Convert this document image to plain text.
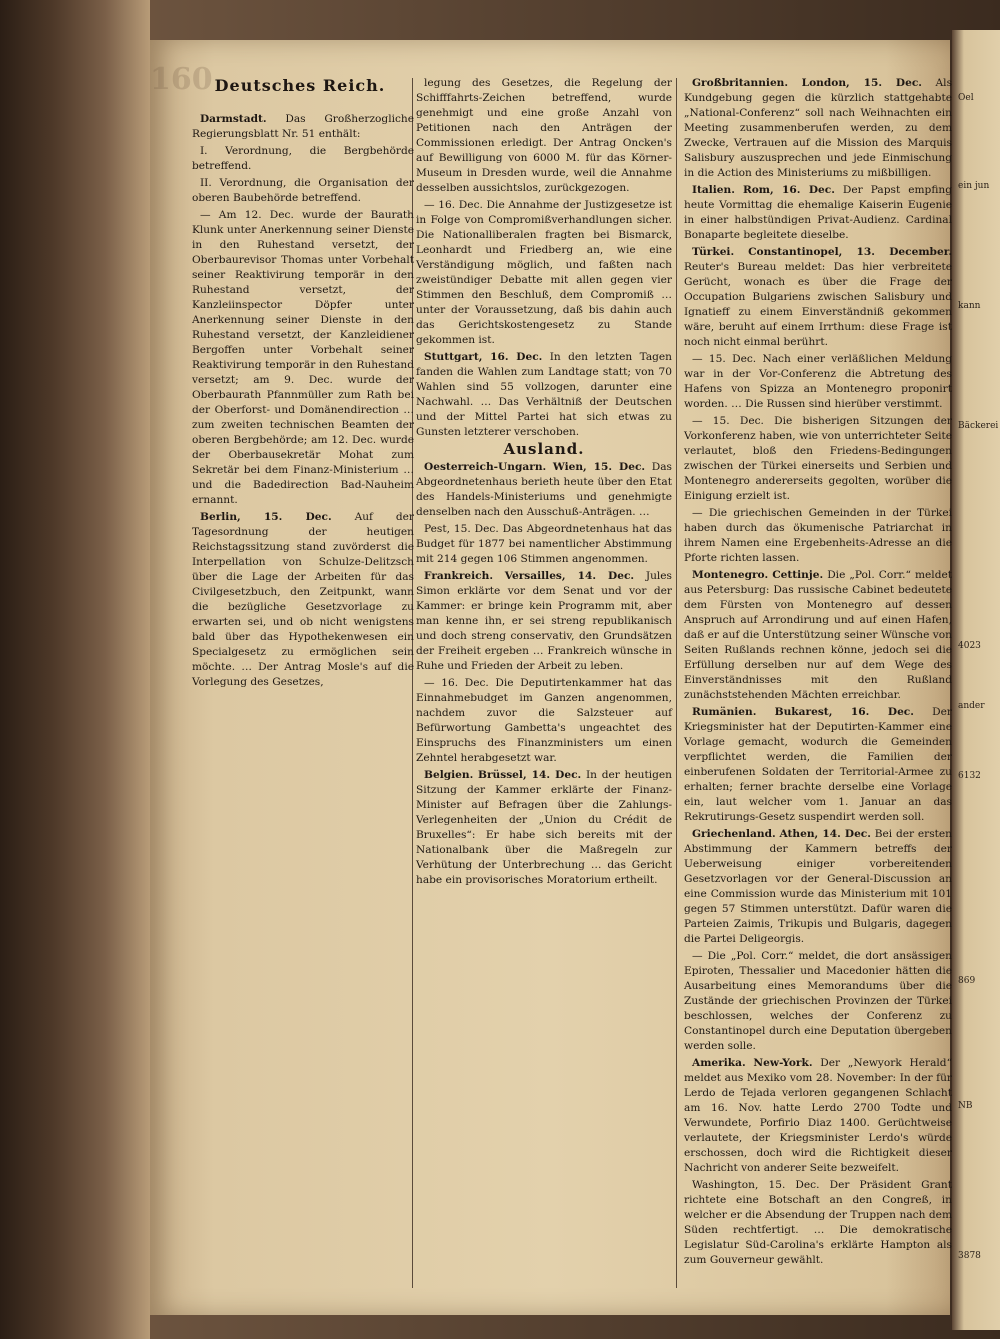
160 Deutsches Reich.

Darmstadt. Das Großherzogliche Regierungsblatt Nr. 51 enthält:

I. Verordnung, die Bergbehörde betreffend.

II. Verordnung, die Organisation der oberen Baubehörde betreffend.

— Am 12. Dec. wurde der Baurath Klunk unter Anerkennung seiner Dienste in den Ruhestand versetzt, der Oberbaurevisor Thomas unter Vorbehalt seiner Reaktivirung temporär in den Ruhestand versetzt, der Kanzleiinspector Döpfer unter Anerkennung seiner Dienste in den Ruhestand versetzt, der Kanzleidiener Bergoffen unter Vorbehalt seiner Reaktivirung temporär in den Ruhestand versetzt; am 9. Dec. wurde der Oberbaurath Pfannmüller zum Rath bei der Oberforst- und Domänendirection … zum zweiten technischen Beamten der oberen Bergbehörde; am 12. Dec. wurde der Oberbausekretär Mohat zum Sekretär bei dem Finanz-Ministerium … und die Badedirection Bad-Nauheim ernannt.

Berlin, 15. Dec. Auf der Tagesordnung der heutigen Reichstagssitzung stand zuvörderst die Interpellation von Schulze-Delitzsch über die Lage der Arbeiten für das Civilgesetzbuch, den Zeitpunkt, wann die bezügliche Gesetzvorlage zu erwarten sei, und ob nicht wenigstens bald über das Hypothekenwesen ein Specialgesetz zu ermöglichen sein möchte. … Der Antrag Mosle's auf die Vorlegung des Gesetzes,

legung des Gesetzes, die Regelung der Schifffahrts-Zeichen betreffend, wurde genehmigt und eine große Anzahl von Petitionen nach den Anträgen der Commissionen erledigt. Der Antrag Oncken's auf Bewilligung von 6000 M. für das Körner-Museum in Dresden wurde, weil die Annahme desselben aussichtslos, zurückgezogen.

— 16. Dec. Die Annahme der Justizgesetze ist in Folge von Compromißverhandlungen sicher. Die Nationalliberalen fragten bei Bismarck, Leonhardt und Friedberg an, wie eine Verständigung möglich, und faßten nach zweistündiger Debatte mit allen gegen vier Stimmen den Beschluß, dem Compromiß … unter der Voraussetzung, daß bis dahin auch das Gerichtskostengesetz zu Stande gekommen ist.

Stuttgart, 16. Dec. In den letzten Tagen fanden die Wahlen zum Landtage statt; von 70 Wahlen sind 55 vollzogen, darunter eine Nachwahl. … Das Verhältniß der Deutschen und der Mittel Partei hat sich etwas zu Gunsten letzterer verschoben.

Ausland.

Oesterreich-Ungarn. Wien, 15. Dec. Das Abgeordnetenhaus berieth heute über den Etat des Handels-Ministeriums und genehmigte denselben nach den Ausschuß-Anträgen. …

Pest, 15. Dec. Das Abgeordnetenhaus hat das Budget für 1877 bei namentlicher Abstimmung mit 214 gegen 106 Stimmen angenommen.

Frankreich. Versailles, 14. Dec. Jules Simon erklärte vor dem Senat und vor der Kammer: er bringe kein Programm mit, aber man kenne ihn, er sei streng republikanisch und doch streng conservativ, den Grundsätzen der Freiheit ergeben … Frankreich wünsche in Ruhe und Frieden der Arbeit zu leben.

— 16. Dec. Die Deputirtenkammer hat das Einnahmebudget im Ganzen angenommen, nachdem zuvor die Salzsteuer auf Befürwortung Gambetta's ungeachtet des Einspruchs des Finanzministers um einen Zehntel herabgesetzt war.

Belgien. Brüssel, 14. Dec. In der heutigen Sitzung der Kammer erklärte der Finanz-Minister auf Befragen über die Zahlungs-Verlegenheiten der „Union du Crédit de Bruxelles“: Er habe sich bereits mit der Nationalbank über die Maßregeln zur Verhütung der Unterbrechung … das Gericht habe ein provisorisches Moratorium ertheilt.

Großbritannien. London, 15. Dec. Als Kundgebung gegen die kürzlich stattgehabte „National-Conferenz“ soll nach Weihnachten ein Meeting zusammenberufen werden, zu dem Zwecke, Vertrauen auf die Mission des Marquis Salisbury auszusprechen und jede Einmischung in die Action des Ministeriums zu mißbilligen.

Italien. Rom, 16. Dec. Der Papst empfing heute Vormittag die ehemalige Kaiserin Eugenie in einer halbstündigen Privat-Audienz. Cardinal Bonaparte begleitete dieselbe.

Türkei. Constantinopel, 13. December. Reuter's Bureau meldet: Das hier verbreitete Gerücht, wonach es über die Frage der Occupation Bulgariens zwischen Salisbury und Ignatieff zu einem Einverständniß gekommen wäre, beruht auf einem Irrthum: diese Frage ist noch nicht einmal berührt.

— 15. Dec. Nach einer verläßlichen Meldung war in der Vor-Conferenz die Abtretung des Hafens von Spizza an Montenegro proponirt worden. … Die Russen sind hierüber verstimmt.

— 15. Dec. Die bisherigen Sitzungen der Vorkonferenz haben, wie von unterrichteter Seite verlautet, bloß den Friedens-Bedingungen zwischen der Türkei einerseits und Serbien und Montenegro andererseits gegolten, worüber die Einigung erzielt ist.

— Die griechischen Gemeinden in der Türkei haben durch das ökumenische Patriarchat in ihrem Namen eine Ergebenheits-Adresse an die Pforte richten lassen.

Montenegro. Cettinje. Die „Pol. Corr.“ meldet aus Petersburg: Das russische Cabinet bedeutete dem Fürsten von Montenegro auf dessen Anspruch auf Arrondirung und auf einen Hafen, daß er auf die Unterstützung seiner Wünsche von Seiten Rußlands rechnen könne, jedoch sei die Erfüllung derselben nur auf dem Wege des Einverständnisses mit den Rußland zunächststehenden Mächten erreichbar.

Rumänien. Bukarest, 16. Dec. Der Kriegsminister hat der Deputirten-Kammer eine Vorlage gemacht, wodurch die Gemeinden verpflichtet werden, die Familien der einberufenen Soldaten der Territorial-Armee zu erhalten; ferner brachte derselbe eine Vorlage ein, laut welcher vom 1. Januar an das Rekrutirungs-Gesetz suspendirt werden soll.

Griechenland. Athen, 14. Dec. Bei der ersten Abstimmung der Kammern betreffs der Ueberweisung einiger vorbereitenden Gesetzvorlagen vor der General-Discussion an eine Commission wurde das Ministerium mit 101 gegen 57 Stimmen unterstützt. Dafür waren die Parteien Zaimis, Trikupis und Bulgaris, dagegen die Partei Deligeorgis.

— Die „Pol. Corr.“ meldet, die dort ansässigen Epiroten, Thessalier und Macedonier hätten die Ausarbeitung eines Memorandums über die Zustände der griechischen Provinzen der Türkei beschlossen, welches der Conferenz zu Constantinopel durch eine Deputation übergeben werden solle.

Amerika. New-York. Der „Newyork Herald“ meldet aus Mexiko vom 28. November: In der für Lerdo de Tejada verloren gegangenen Schlacht am 16. Nov. hatte Lerdo 2700 Todte und Verwundete, Porfirio Diaz 1400. Gerüchtweise verlautete, der Kriegsminister Lerdo's würde erschossen, doch wird die Richtigkeit dieser Nachricht von anderer Seite bezweifelt.

Washington, 15. Dec. Der Präsident Grant richtete eine Botschaft an den Congreß, in welcher er die Absendung der Truppen nach dem Süden rechtfertigt. … Die demokratische Legislatur Süd-Carolina's erklärte Hampton als zum Gouverneur gewählt.

Oel
ein jun
kann
Bäckerei
4023
ander
6132
869
NB
3878
